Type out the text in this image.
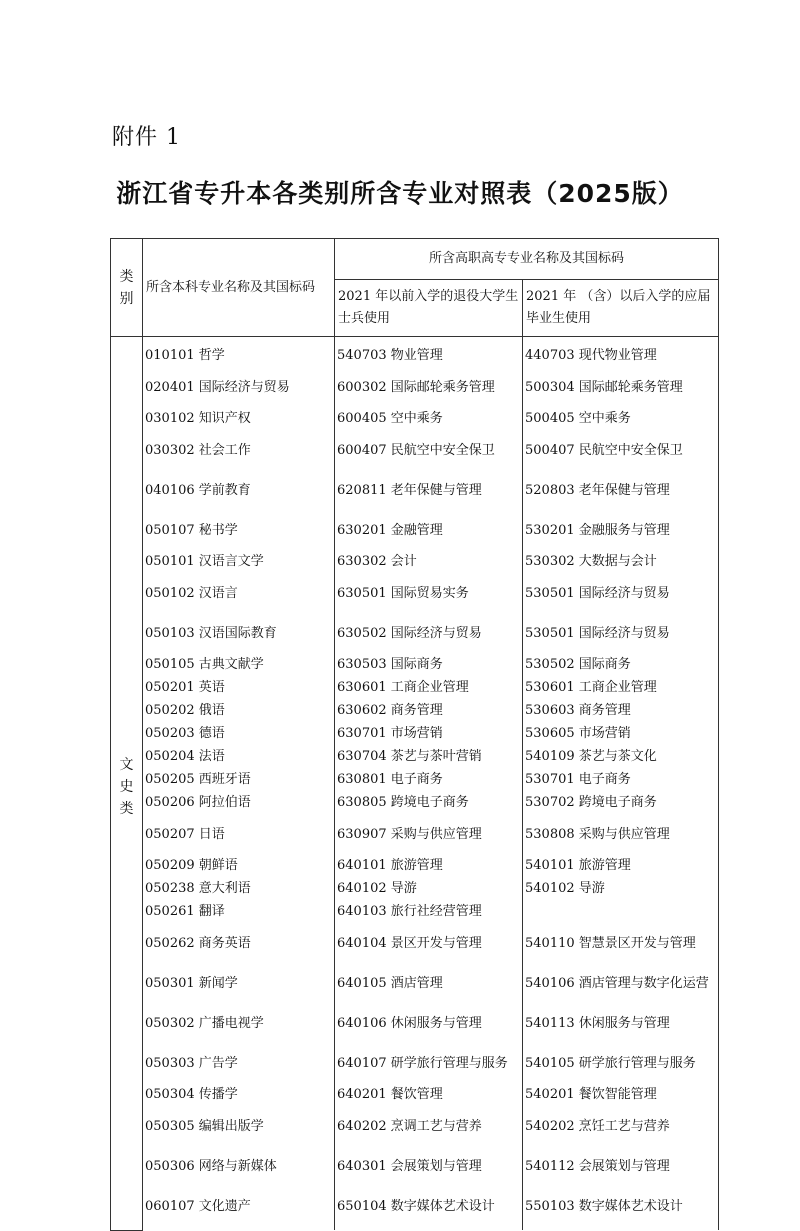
附件 1
浙江省专升本各类别所含专业对照表（2025版）
类别	所含本科专业名称及其国标码	所含高职高专专业名称及其国标码	
		2021 年以前入学的退役大学生士兵使用	2021 年 （含）以后入学的应届毕业生使用
文史类	010101 哲学	540703 物业管理	440703 现代物业管理
	020401 国际经济与贸易	600302 国际邮轮乘务管理	500304 国际邮轮乘务管理
	030102 知识产权	600405 空中乘务	500405 空中乘务
	030302 社会工作	600407 民航空中安全保卫	500407 民航空中安全保卫
	040106 学前教育	620811 老年保健与管理	520803 老年保健与管理
	050107 秘书学	630201 金融管理	530201 金融服务与管理
	050101 汉语言文学	630302 会计	530302 大数据与会计
	050102 汉语言	630501 国际贸易实务	530501 国际经济与贸易
	050103 汉语国际教育	630502 国际经济与贸易	530501 国际经济与贸易
	050105 古典文献学	630503 国际商务	530502 国际商务
	050201 英语	630601 工商企业管理	530601 工商企业管理
	050202 俄语	630602 商务管理	530603 商务管理
	050203 德语	630701 市场营销	530605 市场营销
	050204 法语	630704 茶艺与茶叶营销	540109 茶艺与茶文化
	050205 西班牙语	630801 电子商务	530701 电子商务
	050206 阿拉伯语	630805 跨境电子商务	530702 跨境电子商务
	050207 日语	630907 采购与供应管理	530808 采购与供应管理
	050209 朝鲜语	640101 旅游管理	540101 旅游管理
	050238 意大利语	640102 导游	540102 导游
	050261 翻译	640103 旅行社经营管理	
	050262 商务英语	640104 景区开发与管理	540110 智慧景区开发与管理
	050301 新闻学	640105 酒店管理	540106 酒店管理与数字化运营
	050302 广播电视学	640106 休闲服务与管理	540113 休闲服务与管理
	050303 广告学	640107 研学旅行管理与服务	540105 研学旅行管理与服务
	050304 传播学	640201 餐饮管理	540201 餐饮智能管理
	050305 编辑出版学	640202 烹调工艺与营养	540202 烹饪工艺与营养
	050306 网络与新媒体	640301 会展策划与管理	540112 会展策划与管理
	060107 文化遗产	650104 数字媒体艺术设计	550103 数字媒体艺术设计
